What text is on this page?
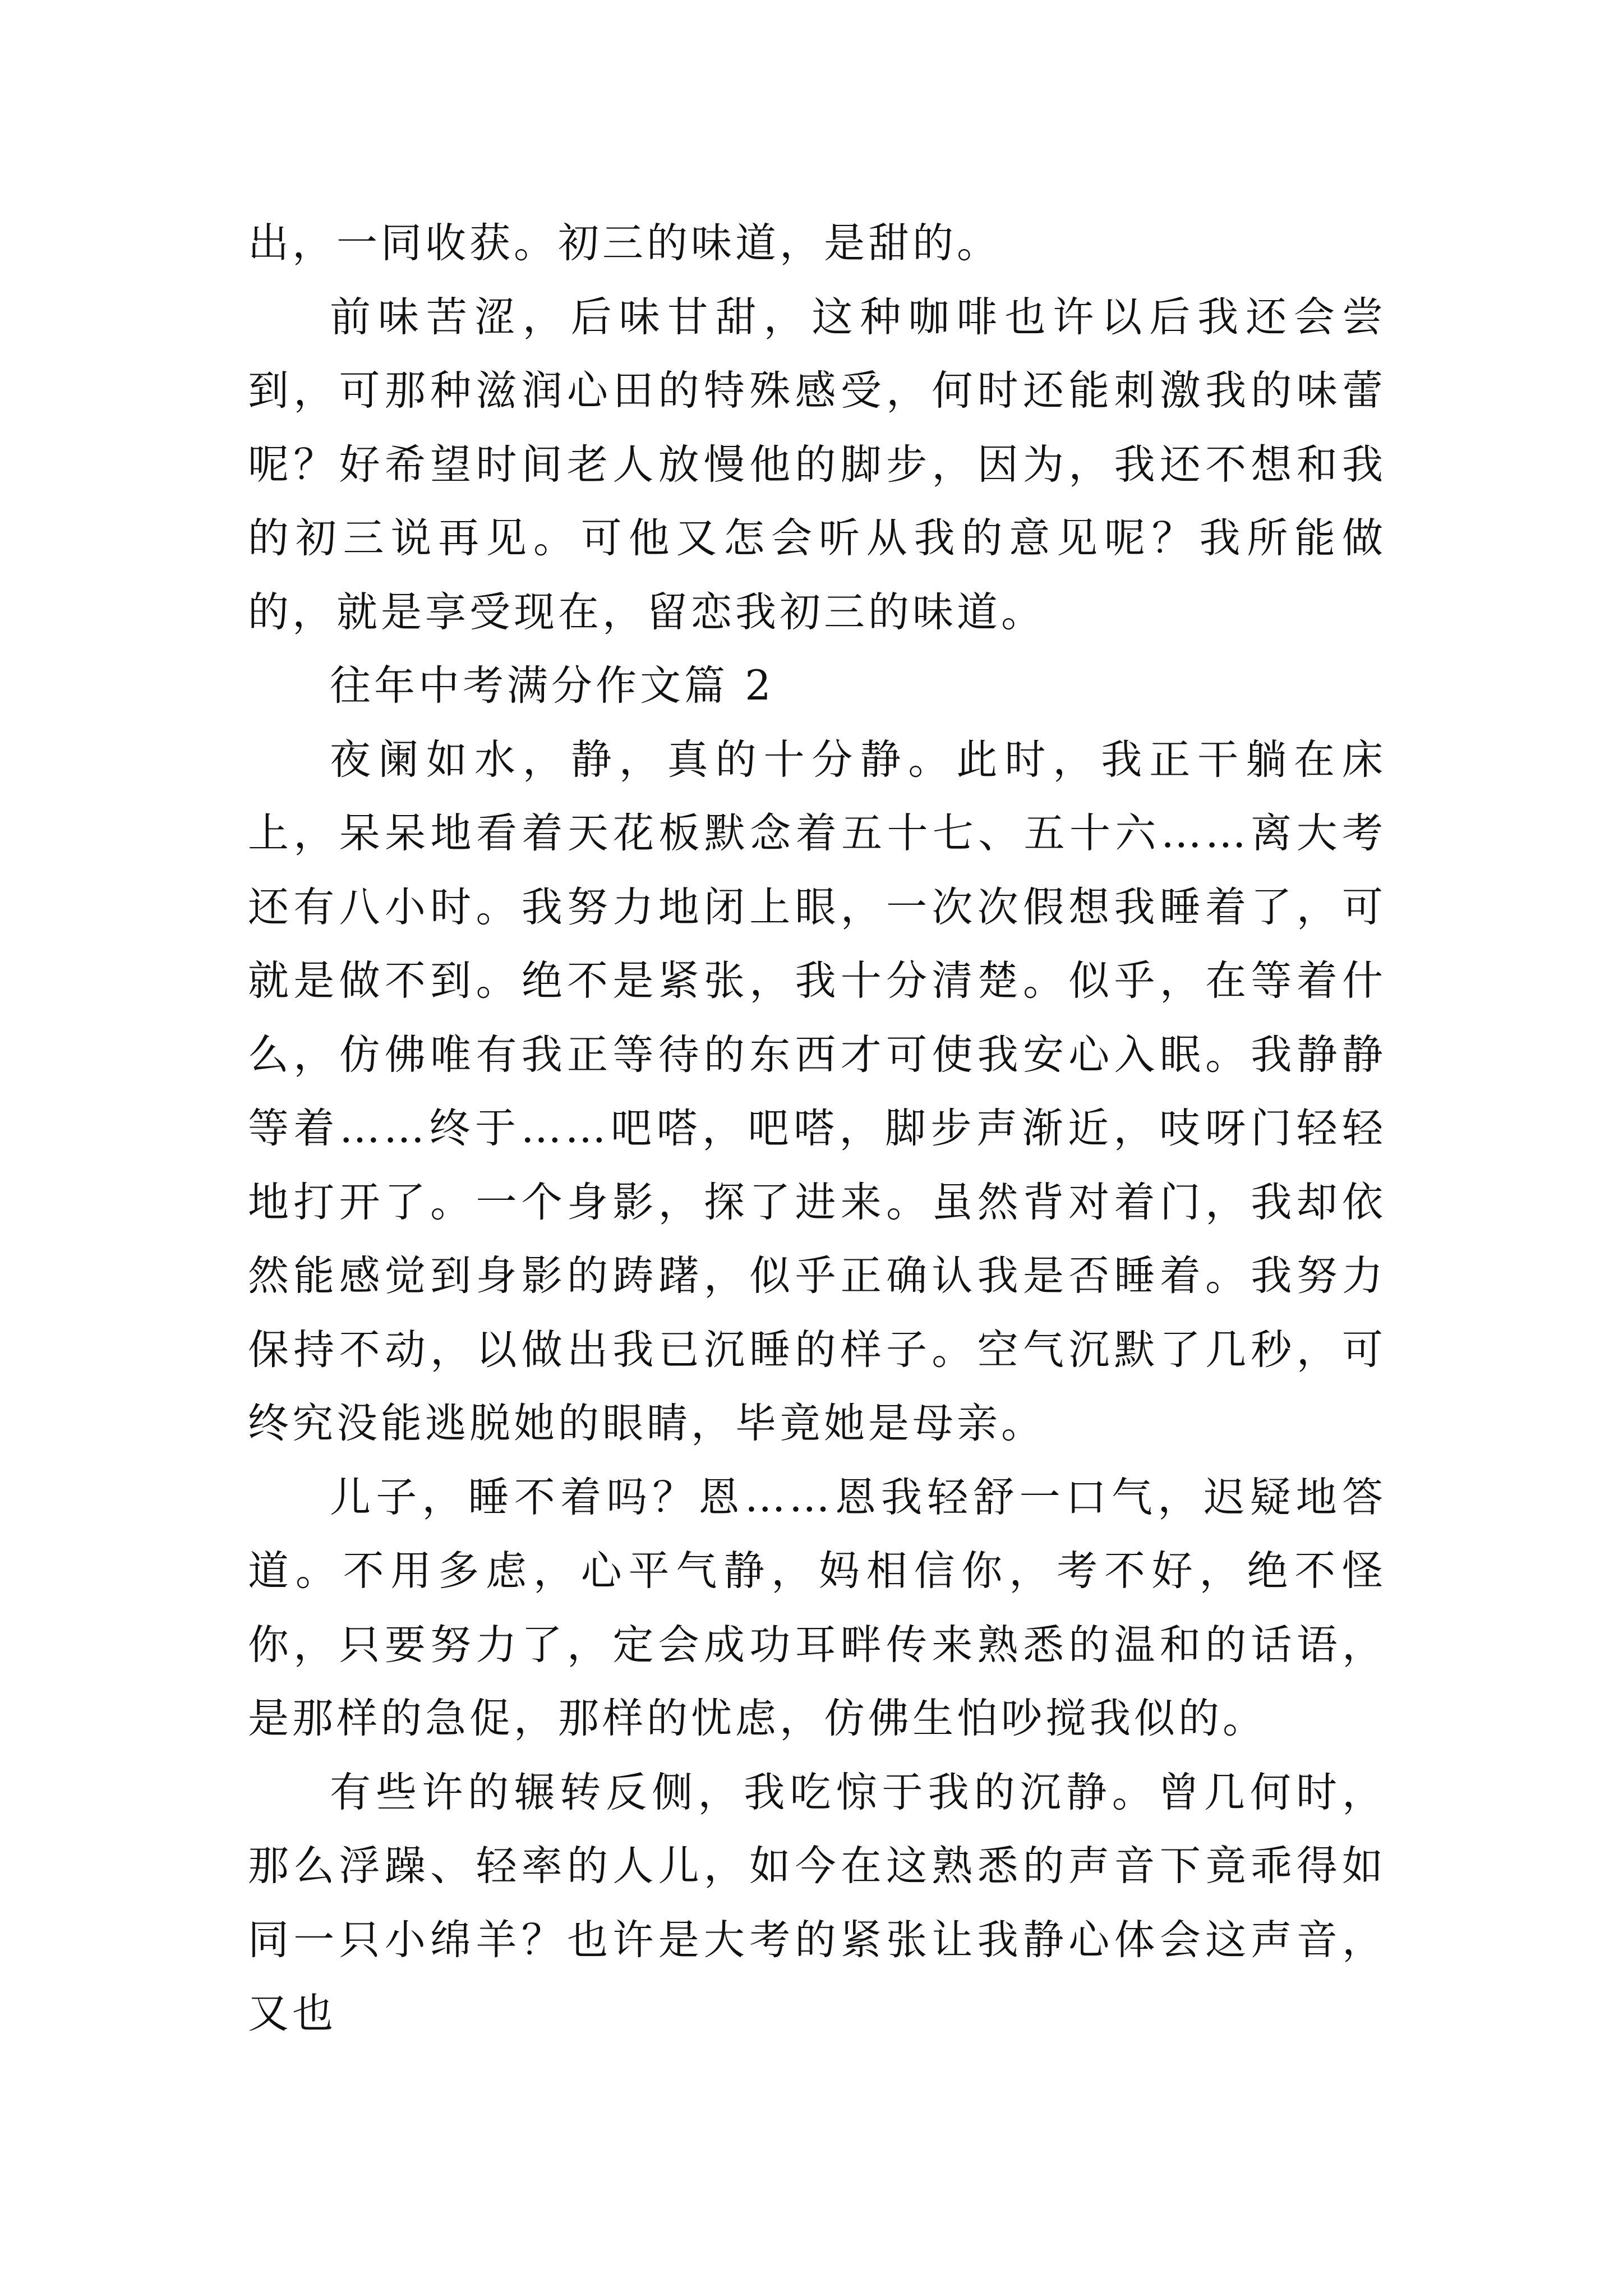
出，一同收获。初三的味道，是甜的。

前味苦涩，后味甘甜，这种咖啡也许以后我还会尝到，可那种滋润心田的特殊感受，何时还能刺激我的味蕾呢？好希望时间老人放慢他的脚步，因为，我还不想和我的初三说再见。可他又怎会听从我的意见呢？我所能做的，就是享受现在，留恋我初三的味道。

往年中考满分作文篇 2

夜阑如水，静，真的十分静。此时，我正干躺在床上，呆呆地看着天花板默念着五十七、五十六……离大考还有八小时。我努力地闭上眼，一次次假想我睡着了，可就是做不到。绝不是紧张，我十分清楚。似乎，在等着什么，仿佛唯有我正等待的东西才可使我安心入眠。我静静等着……终于……吧嗒，吧嗒，脚步声渐近，吱呀门轻轻地打开了。一个身影，探了进来。虽然背对着门，我却依然能感觉到身影的踌躇，似乎正确认我是否睡着。我努力保持不动，以做出我已沉睡的样子。空气沉默了几秒，可终究没能逃脱她的眼睛，毕竟她是母亲。

儿子，睡不着吗？恩……恩我轻舒一口气，迟疑地答道。不用多虑，心平气静，妈相信你，考不好，绝不怪你，只要努力了，定会成功耳畔传来熟悉的温和的话语，是那样的急促，那样的忧虑，仿佛生怕吵搅我似的。

有些许的辗转反侧，我吃惊于我的沉静。曾几何时，那么浮躁、轻率的人儿，如今在这熟悉的声音下竟乖得如同一只小绵羊？也许是大考的紧张让我静心体会这声音，又也
